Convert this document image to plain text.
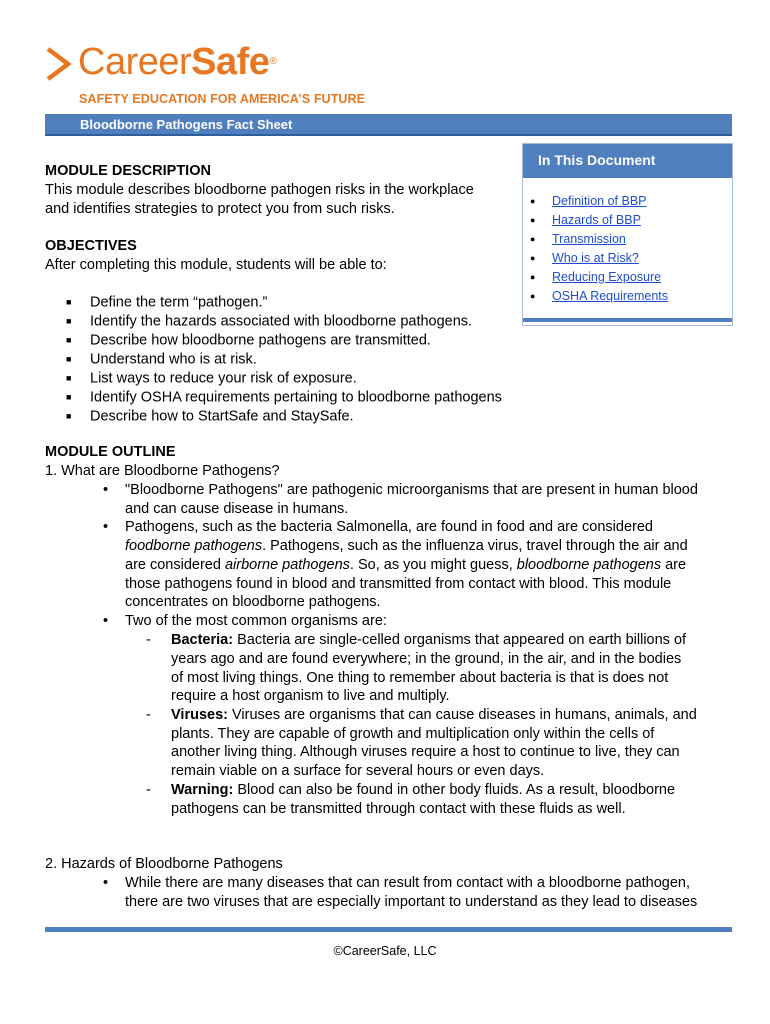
CareerSafe®
SAFETY EDUCATION FOR AMERICA’S FUTURE
Bloodborne Pathogens Fact Sheet
In This Document
● Definition of BBP
● Hazards of BBP
● Transmission
● Who is at Risk?
● Reducing Exposure
● OSHA Requirements
MODULE DESCRIPTION
This module describes bloodborne pathogen risks in the workplace
and identifies strategies to protect you from such risks.
OBJECTIVES
After completing this module, students will be able to:
■ Define the term “pathogen.”
■ Identify the hazards associated with bloodborne pathogens.
■ Describe how bloodborne pathogens are transmitted.
■ Understand who is at risk.
■ List ways to reduce your risk of exposure.
■ Identify OSHA requirements pertaining to bloodborne pathogens
■ Describe how to StartSafe and StaySafe.
MODULE OUTLINE
1. What are Bloodborne Pathogens?
• "Bloodborne Pathogens" are pathogenic microorganisms that are present in human blood
and can cause disease in humans.
• Pathogens, such as the bacteria Salmonella, are found in food and are considered
foodborne pathogens. Pathogens, such as the influenza virus, travel through the air and
are considered airborne pathogens. So, as you might guess, bloodborne pathogens are
those pathogens found in blood and transmitted from contact with blood. This module
concentrates on bloodborne pathogens.
• Two of the most common organisms are:
- Bacteria: Bacteria are single-celled organisms that appeared on earth billions of
years ago and are found everywhere; in the ground, in the air, and in the bodies
of most living things. One thing to remember about bacteria is that is does not
require a host organism to live and multiply.
- Viruses: Viruses are organisms that can cause diseases in humans, animals, and
plants. They are capable of growth and multiplication only within the cells of
another living thing. Although viruses require a host to continue to live, they can
remain viable on a surface for several hours or even days.
- Warning: Blood can also be found in other body fluids. As a result, bloodborne
pathogens can be transmitted through contact with these fluids as well.
2. Hazards of Bloodborne Pathogens
• While there are many diseases that can result from contact with a bloodborne pathogen,
there are two viruses that are especially important to understand as they lead to diseases
©CareerSafe, LLC
